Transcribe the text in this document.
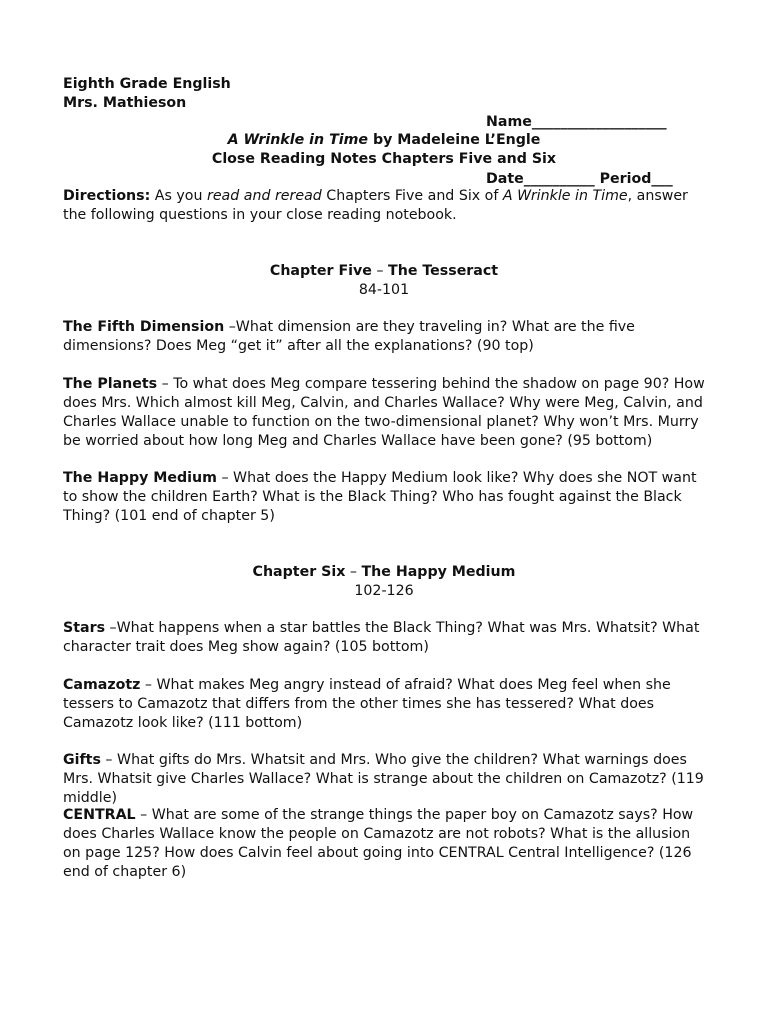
Eighth Grade English
Mrs. Mathieson

Name___________________

Date__________ Period___

A Wrinkle in Time by Madeleine L’Engle
Close Reading Notes Chapters Five and Six
Directions: As you read and reread Chapters Five and Six of A Wrinkle in Time, answer the following questions in your close reading notebook.
Chapter Five – The Tesseract
84-101
The Fifth Dimension –What dimension are they traveling in? What are the five dimensions? Does Meg “get it” after all the explanations? (90 top)
The Planets – To what does Meg compare tessering behind the shadow on page 90? How does Mrs. Which almost kill Meg, Calvin, and Charles Wallace? Why were Meg, Calvin, and Charles Wallace unable to function on the two-dimensional planet? Why won’t Mrs. Murry be worried about how long Meg and Charles Wallace have been gone? (95 bottom)
The Happy Medium – What does the Happy Medium look like? Why does she NOT want to show the children Earth? What is the Black Thing? Who has fought against the Black Thing? (101 end of chapter 5)
Chapter Six – The Happy Medium
102-126
Stars –What happens when a star battles the Black Thing? What was Mrs. Whatsit? What character trait does Meg show again? (105 bottom)
Camazotz – What makes Meg angry instead of afraid? What does Meg feel when she tessers to Camazotz that differs from the other times she has tessered? What does Camazotz look like? (111 bottom)
Gifts – What gifts do Mrs. Whatsit and Mrs. Who give the children? What warnings does Mrs. Whatsit give Charles Wallace? What is strange about the children on Camazotz? (119 middle)
CENTRAL – What are some of the strange things the paper boy on Camazotz says? How does Charles Wallace know the people on Camazotz are not robots? What is the allusion on page 125? How does Calvin feel about going into CENTRAL Central Intelligence? (126 end of chapter 6)
